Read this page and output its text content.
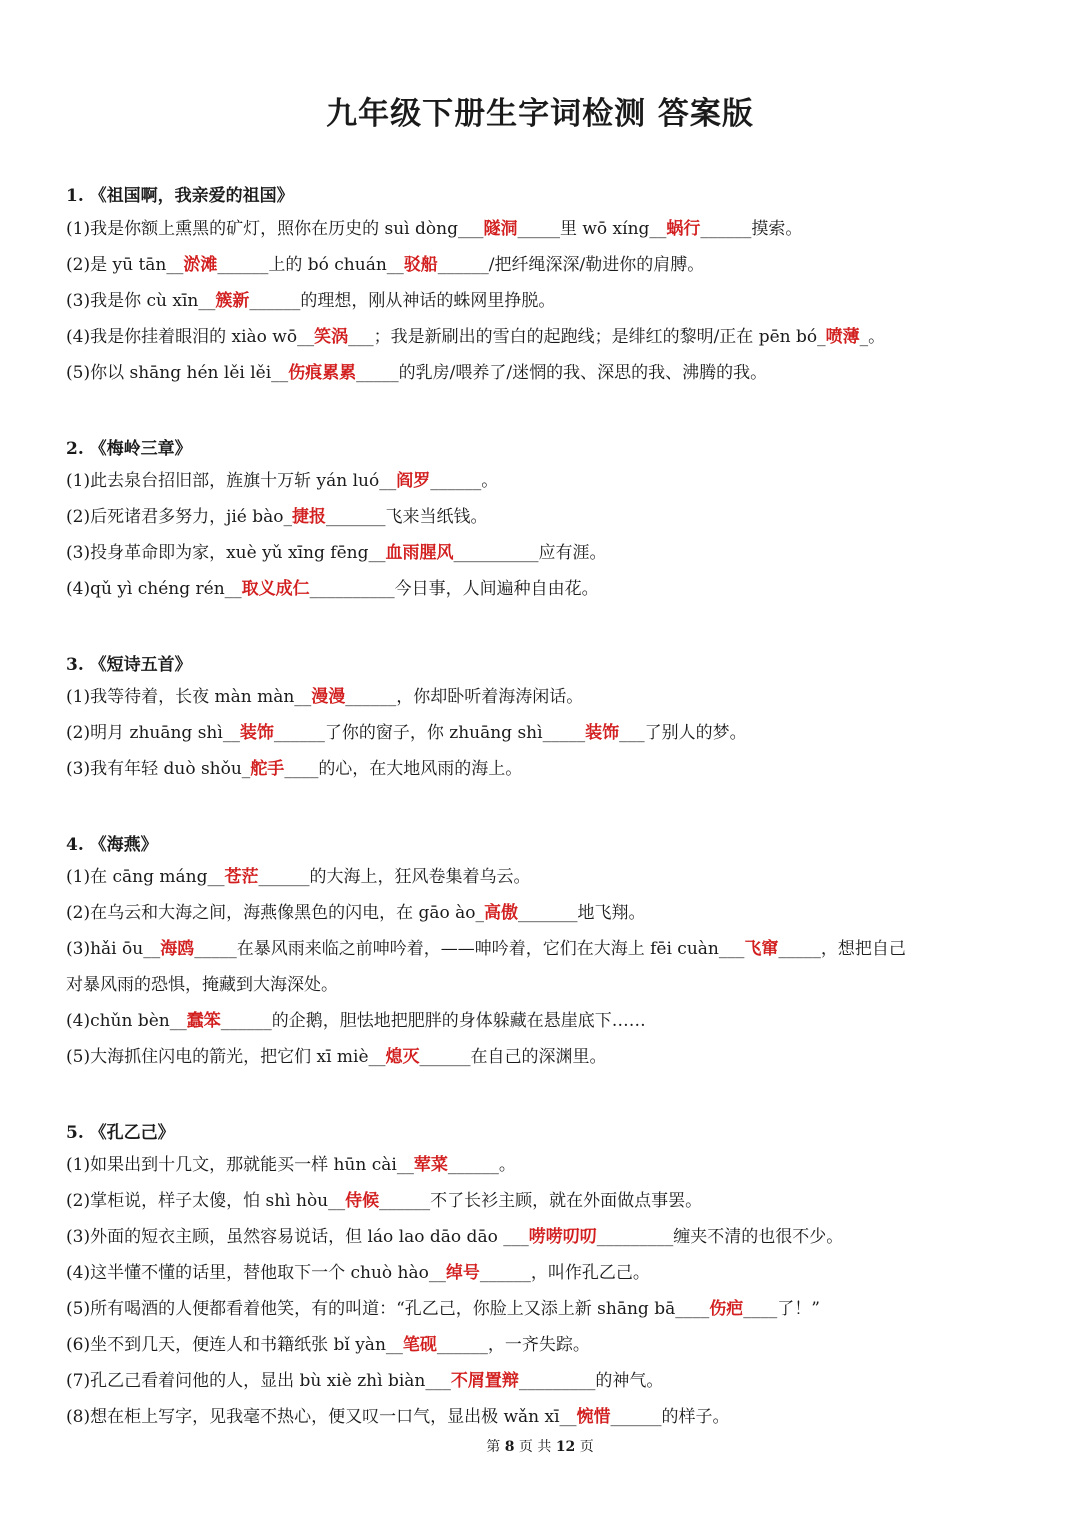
九年级下册生字词检测 答案版
1. 《祖国啊，我亲爱的祖国》
(1)我是你额上熏黑的矿灯，照你在历史的 suì dòng___隧洞_____里 wō xíng__蜗行______摸索。
(2)是 yū tān__淤滩______上的 bó chuán__驳船______/把纤绳深深/勒进你的肩膊。
(3)我是你 cù xīn__簇新______的理想，刚从神话的蛛网里挣脱。
(4)我是你挂着眼泪的 xiào wō__笑涡___；我是新刷出的雪白的起跑线；是绯红的黎明/正在 pēn bó_喷薄_。
(5)你以 shāng hén lěi lěi__伤痕累累_____的乳房/喂养了/迷惘的我、深思的我、沸腾的我。
2. 《梅岭三章》
(1)此去泉台招旧部，旌旗十万斩 yán luó__阎罗______。
(2)后死诸君多努力，jié bào_捷报_______飞来当纸钱。
(3)投身革命即为家，xuè yǔ xīng fēng__血雨腥风__________应有涯。
(4)qǔ yì chéng rén__取义成仁__________今日事，人间遍种自由花。
3. 《短诗五首》
(1)我等待着，长夜 màn màn__漫漫______，你却卧听着海涛闲话。
(2)明月 zhuāng shì__装饰______了你的窗子，你 zhuāng shì_____装饰___了别人的梦。
(3)我有年轻 duò shǒu_舵手____的心，在大地风雨的海上。
4. 《海燕》
(1)在 cāng máng__苍茫______的大海上，狂风卷集着乌云。
(2)在乌云和大海之间，海燕像黑色的闪电，在 gāo ào_高傲_______地飞翔。
(3)hǎi ōu__海鸥_____在暴风雨来临之前呻吟着，——呻吟着，它们在大海上 fēi cuàn___飞窜_____，想把自己
对暴风雨的恐惧，掩藏到大海深处。
(4)chǔn bèn__蠢笨______的企鹅，胆怯地把肥胖的身体躲藏在悬崖底下……
(5)大海抓住闪电的箭光，把它们 xī miè__熄灭______在自己的深渊里。
5. 《孔乙己》
(1)如果出到十几文，那就能买一样 hūn cài__荤菜______。
(2)掌柜说，样子太傻，怕 shì hòu__侍候______不了长衫主顾，就在外面做点事罢。
(3)外面的短衣主顾，虽然容易说话，但 láo lao dāo dāo ___唠唠叨叨_________缠夹不清的也很不少。
(4)这半懂不懂的话里，替他取下一个 chuò hào__绰号______，叫作孔乙己。
(5)所有喝酒的人便都看着他笑，有的叫道：“孔乙己，你脸上又添上新 shāng bā____伤疤____了！”
(6)坐不到几天，便连人和书籍纸张 bǐ yàn__笔砚______，一齐失踪。
(7)孔乙己看着问他的人，显出 bù xiè zhì biàn___不屑置辩_________的神气。
(8)想在柜上写字，见我毫不热心，便又叹一口气，显出极 wǎn xī__惋惜______的样子。
第 8 页 共 12 页
